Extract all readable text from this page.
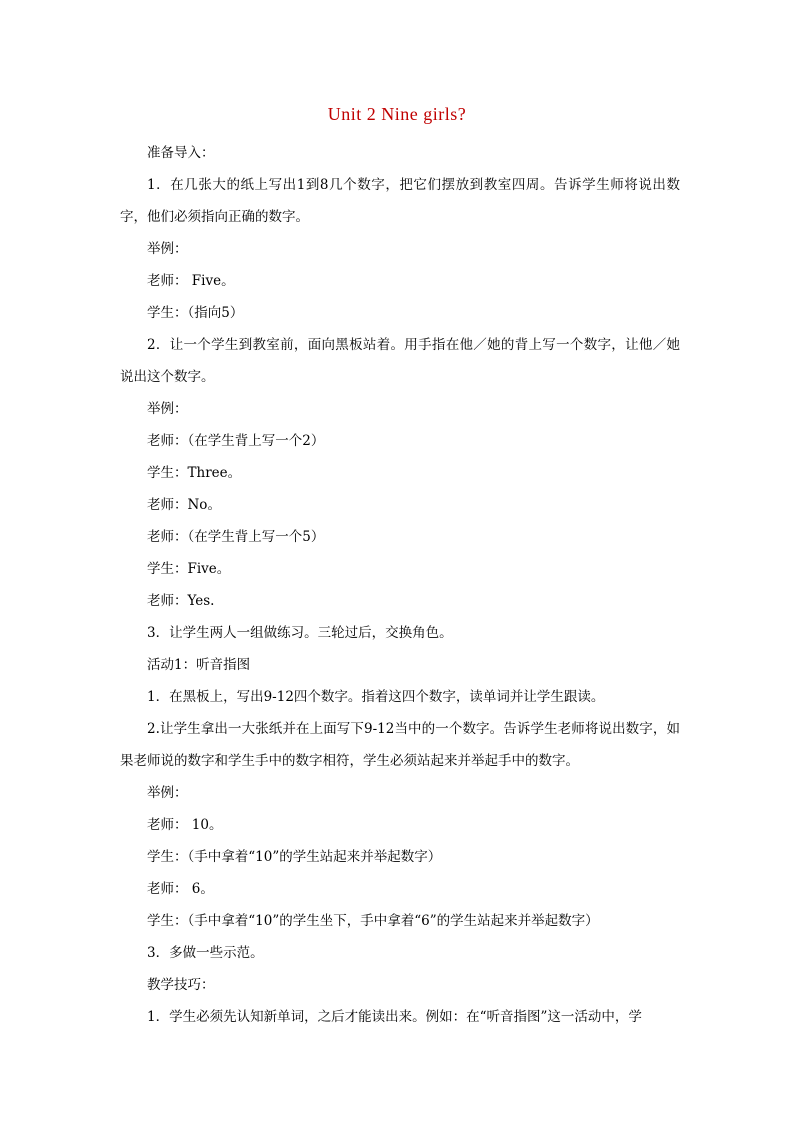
Unit 2 Nine girls?

准备导入：

1．在几张大的纸上写出1到8几个数字，把它们摆放到教室四周。告诉学生师将说出数字，他们必须指向正确的数字。

举例：

老师： Five。

学生：（指向5）

2．让一个学生到教室前，面向黑板站着。用手指在他／她的背上写一个数字，让他／她说出这个数字。

举例：

老师：（在学生背上写一个2）

学生：Three。

老师：No。

老师：（在学生背上写一个5）

学生：Five。

老师：Yes.

3．让学生两人一组做练习。三轮过后，交换角色。

活动1：听音指图

1．在黑板上，写出9-12四个数字。指着这四个数字，读单词并让学生跟读。

2.让学生拿出一大张纸并在上面写下9-12当中的一个数字。告诉学生老师将说出数字，如果老师说的数字和学生手中的数字相符，学生必须站起来并举起手中的数字。

举例：

老师： 10。

学生：（手中拿着“10”的学生站起来并举起数字）

老师： 6。

学生：（手中拿着“10”的学生坐下，手中拿着“6”的学生站起来并举起数字）

3．多做一些示范。

教学技巧：

1．学生必须先认知新单词，之后才能读出来。例如：在“听音指图”这一活动中，学
